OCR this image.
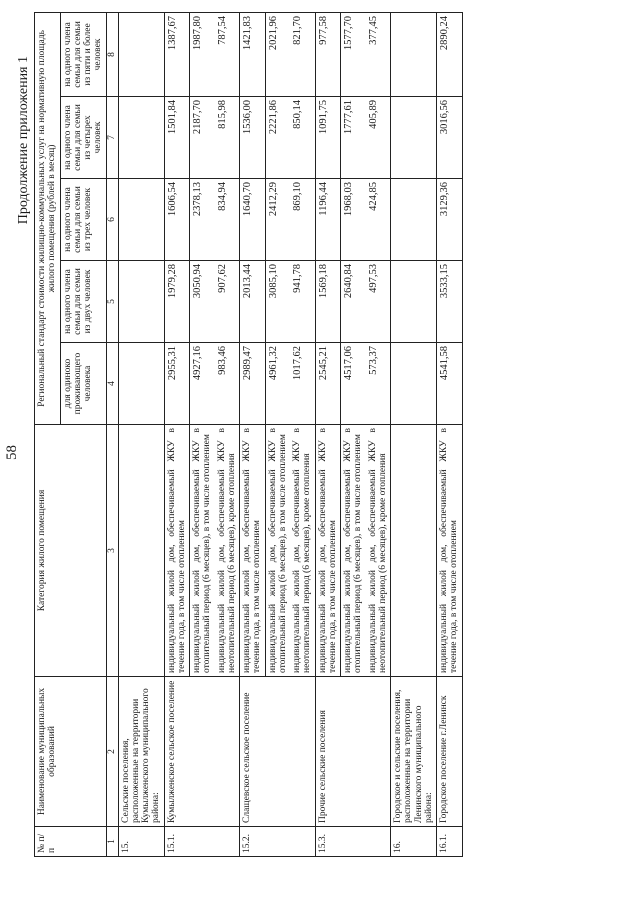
58
Продолжение приложения 1
№ п/п	Наименование муниципальных образований	Категория жилого помещения	Региональный стандарт стоимости жилищно-коммунальных услуг на нормативную площадь жилого помещения (рублей в месяц)				
			для одиноко проживающего человека	на одного члена семьи для семьи из двух человек	на одного члена семьи для семьи из трех человек	на одного члена семьи для семьи из четырех человек	на одного члена семьи для семьи из пяти и более человек
1	2	3	4	5	6	7	8
15.	Сельские поселения, расположенные на территории Кумылженского муниципального района:						
15.1.	Кумылженское сельское поселение	индивидуальный жилой дом, обеспечиваемый ЖКУ в течение года, в том числе отоплением	2955,31	1979,28	1606,54	1501,84	1387,67
		индивидуальный жилой дом, обеспечиваемый ЖКУ в отопительный период (6 месяцев), в том числе отоплением	4927,16	3050,94	2378,13	2187,70	1987,80
		индивидуальный жилой дом, обеспечиваемый ЖКУ в неотопительный период (6 месяцев), кроме отопления	983,46	907,62	834,94	815,98	787,54
15.2.	Слащевское сельское поселение	индивидуальный жилой дом, обеспечиваемый ЖКУ в течение года, в том числе отоплением	2989,47	2013,44	1640,70	1536,00	1421,83
		индивидуальный жилой дом, обеспечиваемый ЖКУ в отопительный период (6 месяцев), в том числе отоплением	4961,32	3085,10	2412,29	2221,86	2021,96
		индивидуальный жилой дом, обеспечиваемый ЖКУ в неотопительный период (6 месяцев), кроме отопления	1017,62	941,78	869,10	850,14	821,70
15.3.	Прочие сельские поселения	индивидуальный жилой дом, обеспечиваемый ЖКУ в течение года, в том числе отоплением	2545,21	1569,18	1196,44	1091,75	977,58
		индивидуальный жилой дом, обеспечиваемый ЖКУ в отопительный период (6 месяцев), в том числе отоплением	4517,06	2640,84	1968,03	1777,61	1577,70
		индивидуальный жилой дом, обеспечиваемый ЖКУ в неотопительный период (6 месяцев), кроме отопления	573,37	497,53	424,85	405,89	377,45
16.	Городское и сельские поселения, расположенные на территории Ленинского муниципального района:						
16.1.	Городское поселение г.Ленинск	индивидуальный жилой дом, обеспечиваемый ЖКУ в течение года, в том числе отоплением	4541,58	3533,15	3129,36	3016,56	2890,24
